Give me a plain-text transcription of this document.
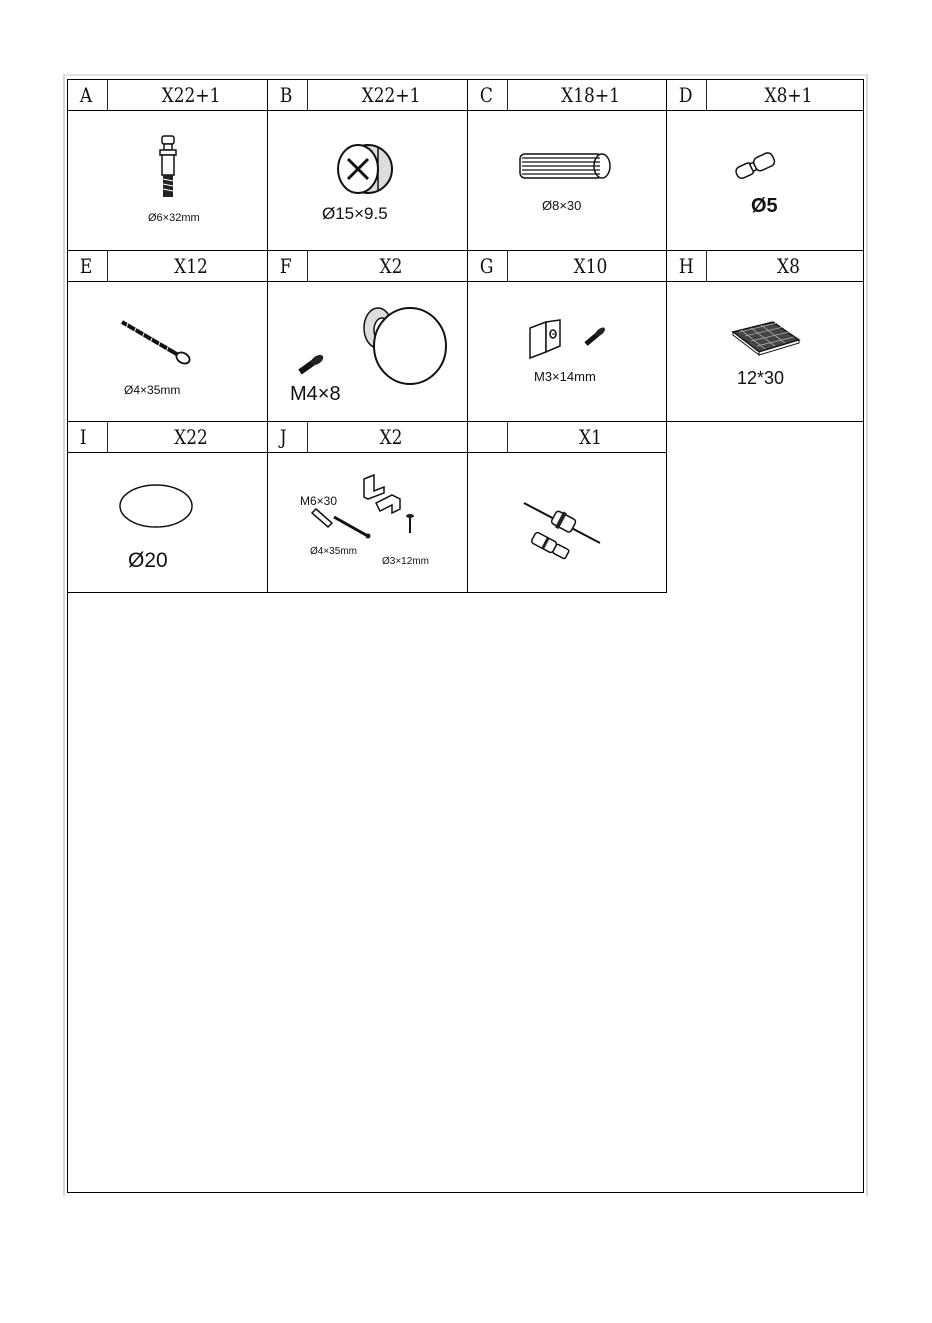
A	X22+1
Ø6×32mm
B	X22+1
Ø15×9.5
C	X18+1
Ø8×30
D	X8+1
Ø5
E	X12
Ø4×35mm
F	X2
M4×8
G	X10
M3×14mm
H	X8
12*30
I	X22
Ø20
J	X2
M6×30
Ø4×35mm
Ø3×12mm
X1
